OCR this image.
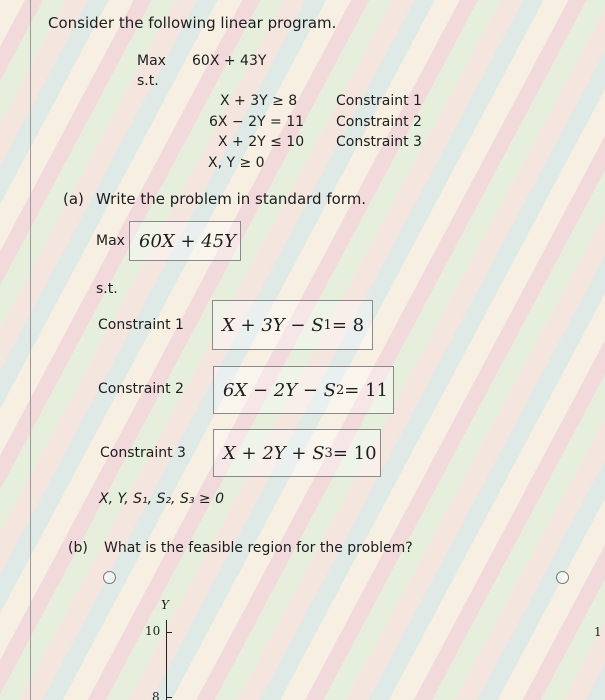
Consider the following linear program.
Max 60X + 43Y
s.t.
X + 3Y ≥ 8	Constraint 1
6X − 2Y = 11 Constraint 2
X + 2Y ≤ 10 Constraint 3
X, Y ≥ 0
(a) Write the problem in standard form.
Max 60X + 45Y
s.t.
Constraint 1 X + 3Y − S 1 = 8
Constraint 2 6X − 2Y − S 2 = 11
Constraint 3 X + 2Y + S 3 = 10
X, Y, S₁, S₂, S₃ ≥ 0
(b) What is the feasible region for the problem?
Y
10
8
1
